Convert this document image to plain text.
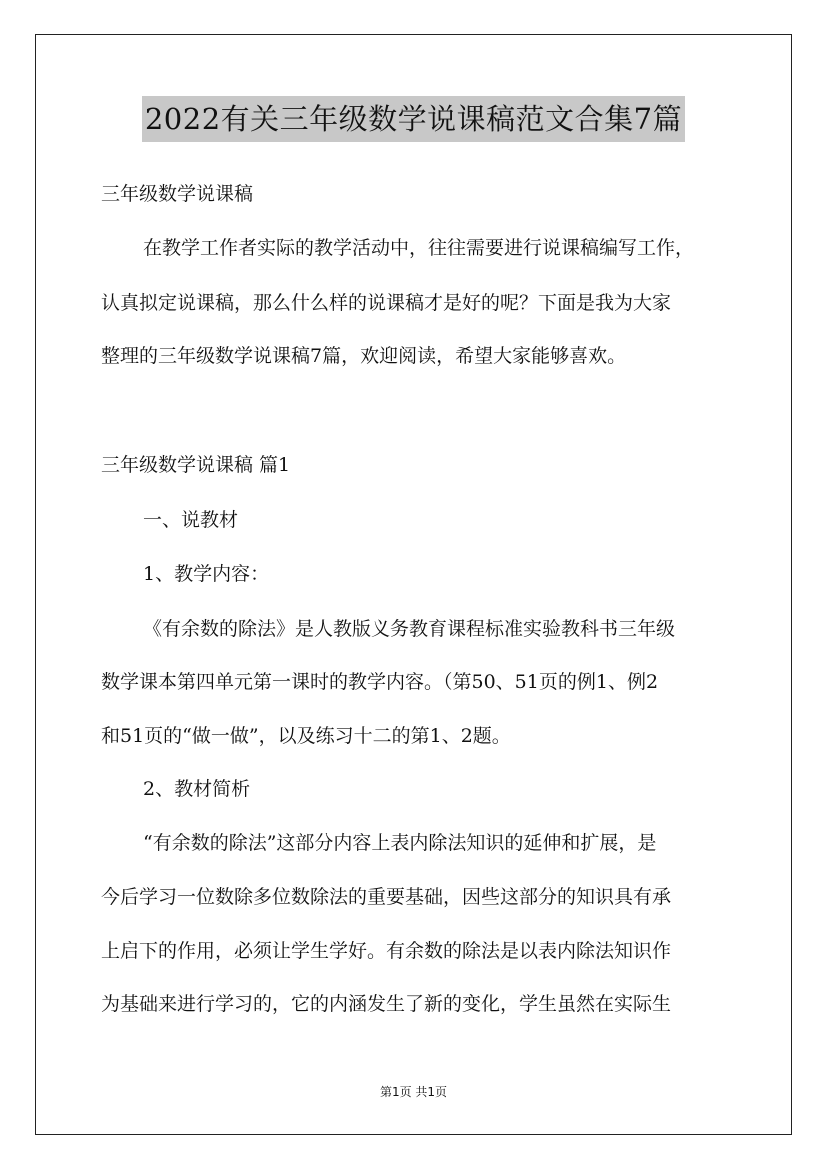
2022有关三年级数学说课稿范文合集7篇
三年级数学说课稿
在教学工作者实际的教学活动中，往往需要进行说课稿编写工作，
认真拟定说课稿，那么什么样的说课稿才是好的呢？下面是我为大家
整理的三年级数学说课稿7篇，欢迎阅读，希望大家能够喜欢。
三年级数学说课稿 篇1
一、说教材
1、教学内容：
《有余数的除法》是人教版义务教育课程标准实验教科书三年级
数学课本第四单元第一课时的教学内容。（第50、51页的例1、例2
和51页的“做一做”，以及练习十二的第1、2题。
2、教材简析
“有余数的除法”这部分内容上表内除法知识的延伸和扩展，是
今后学习一位数除多位数除法的重要基础，因些这部分的知识具有承
上启下的作用，必须让学生学好。有余数的除法是以表内除法知识作
为基础来进行学习的，它的内涵发生了新的变化，学生虽然在实际生
第1页 共1页
